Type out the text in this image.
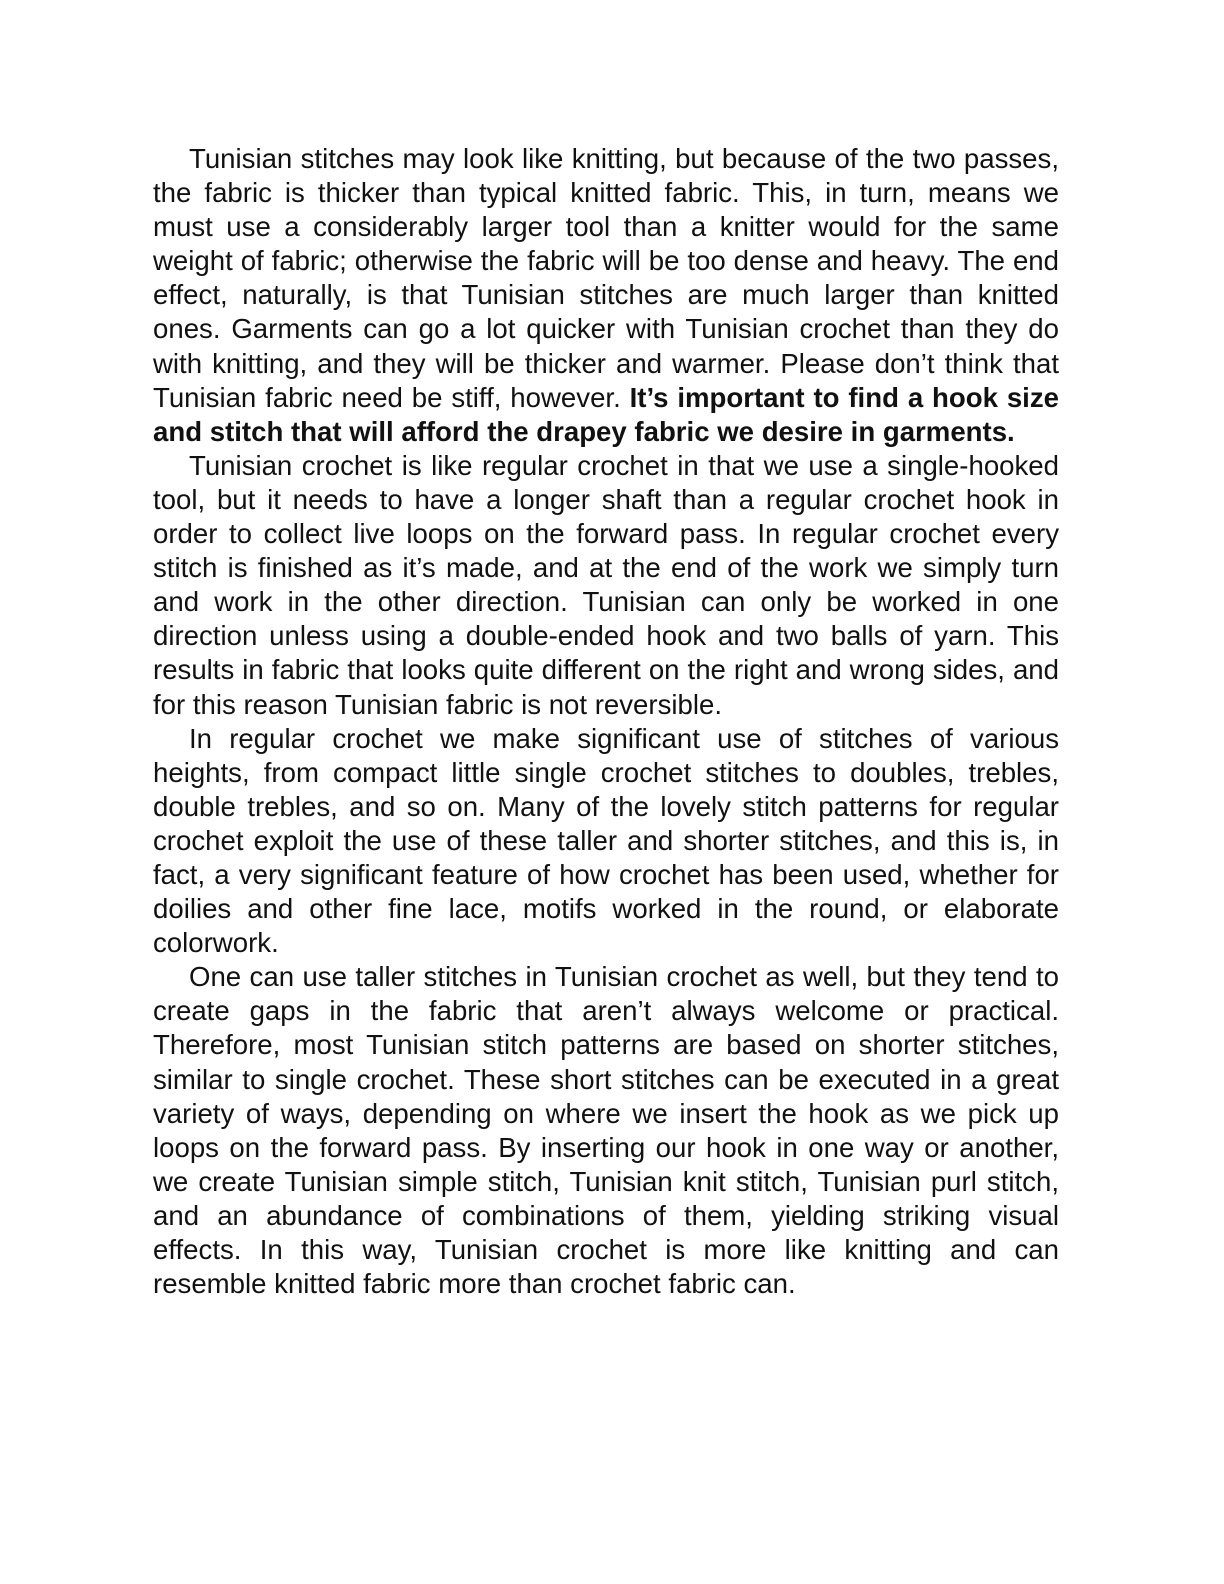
Tunisian stitches may look like knitting, but because of the two passes, the fabric is thicker than typical knitted fabric. This, in turn, means we must use a considerably larger tool than a knitter would for the same weight of fabric; otherwise the fabric will be too dense and heavy. The end effect, naturally, is that Tunisian stitches are much larger than knitted ones. Garments can go a lot quicker with Tunisian crochet than they do with knitting, and they will be thicker and warmer. Please don’t think that Tunisian fabric need be stiff, however. It’s important to find a hook size and stitch that will afford the drapey fabric we desire in garments.

Tunisian crochet is like regular crochet in that we use a single-hooked tool, but it needs to have a longer shaft than a regular crochet hook in order to collect live loops on the forward pass. In regular crochet every stitch is finished as it’s made, and at the end of the work we simply turn and work in the other direction. Tunisian can only be worked in one direction unless using a double-ended hook and two balls of yarn. This results in fabric that looks quite different on the right and wrong sides, and for this reason Tunisian fabric is not reversible.

In regular crochet we make significant use of stitches of various heights, from compact little single crochet stitches to doubles, trebles, double trebles, and so on. Many of the lovely stitch patterns for regular crochet exploit the use of these taller and shorter stitches, and this is, in fact, a very significant feature of how crochet has been used, whether for doilies and other fine lace, motifs worked in the round, or elaborate colorwork.

One can use taller stitches in Tunisian crochet as well, but they tend to create gaps in the fabric that aren’t always welcome or practical. Therefore, most Tunisian stitch patterns are based on shorter stitches, similar to single crochet. These short stitches can be executed in a great variety of ways, depending on where we insert the hook as we pick up loops on the forward pass. By inserting our hook in one way or another, we create Tunisian simple stitch, Tunisian knit stitch, Tunisian purl stitch, and an abundance of combinations of them, yielding striking visual effects. In this way, Tunisian crochet is more like knitting and can resemble knitted fabric more than crochet fabric can.
